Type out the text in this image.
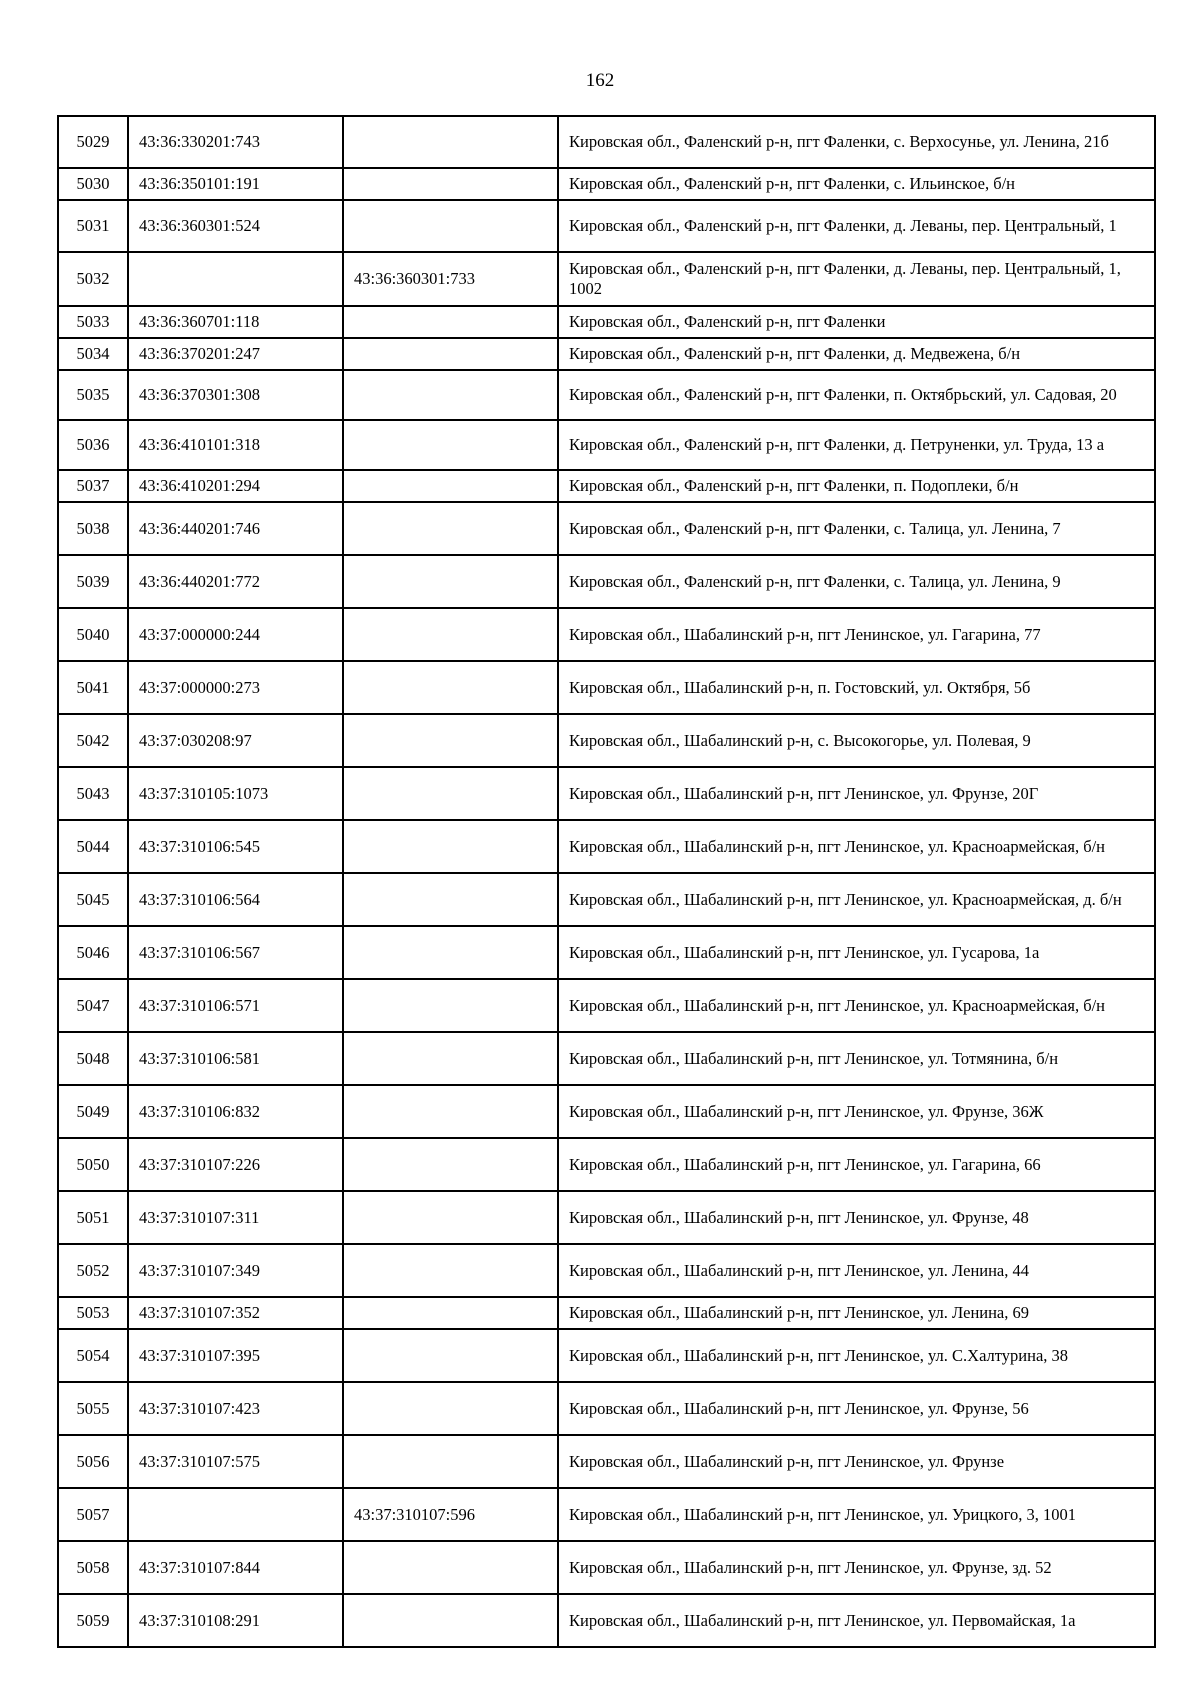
162
5029	43:36:330201:743		Кировская обл., Фаленский р-н, пгт Фаленки, с. Верхосунье, ул. Ленина, 21б
5030	43:36:350101:191		Кировская обл., Фаленский р-н, пгт Фаленки, с. Ильинское, б/н
5031	43:36:360301:524		Кировская обл., Фаленский р-н, пгт Фаленки, д. Леваны, пер. Центральный, 1
5032		43:36:360301:733	Кировская обл., Фаленский р-н, пгт Фаленки, д. Леваны, пер. Центральный, 1, 1002
5033	43:36:360701:118		Кировская обл., Фаленский р-н, пгт Фаленки
5034	43:36:370201:247		Кировская обл., Фаленский р-н, пгт Фаленки, д. Медвежена, б/н
5035	43:36:370301:308		Кировская обл., Фаленский р-н, пгт Фаленки, п. Октябрьский, ул. Садовая, 20
5036	43:36:410101:318		Кировская обл., Фаленский р-н, пгт Фаленки, д. Петруненки, ул. Труда, 13 а
5037	43:36:410201:294		Кировская обл., Фаленский р-н, пгт Фаленки, п. Подоплеки, б/н
5038	43:36:440201:746		Кировская обл., Фаленский р-н, пгт Фаленки, с. Талица, ул. Ленина, 7
5039	43:36:440201:772		Кировская обл., Фаленский р-н, пгт Фаленки, с. Талица, ул. Ленина, 9
5040	43:37:000000:244		Кировская обл., Шабалинский р-н, пгт Ленинское, ул. Гагарина, 77
5041	43:37:000000:273		Кировская обл., Шабалинский р-н, п. Гостовский, ул. Октября, 5б
5042	43:37:030208:97		Кировская обл., Шабалинский р-н, с. Высокогорье, ул. Полевая, 9
5043	43:37:310105:1073		Кировская обл., Шабалинский р-н, пгт Ленинское, ул. Фрунзе, 20Г
5044	43:37:310106:545		Кировская обл., Шабалинский р-н, пгт Ленинское, ул. Красноармейская, б/н
5045	43:37:310106:564		Кировская обл., Шабалинский р-н, пгт Ленинское, ул. Красноармейская, д. б/н
5046	43:37:310106:567		Кировская обл., Шабалинский р-н, пгт Ленинское, ул. Гусарова, 1а
5047	43:37:310106:571		Кировская обл., Шабалинский р-н, пгт Ленинское, ул. Красноармейская, б/н
5048	43:37:310106:581		Кировская обл., Шабалинский р-н, пгт Ленинское, ул. Тотмянина, б/н
5049	43:37:310106:832		Кировская обл., Шабалинский р-н, пгт Ленинское, ул. Фрунзе, 36Ж
5050	43:37:310107:226		Кировская обл., Шабалинский р-н, пгт Ленинское, ул. Гагарина, 66
5051	43:37:310107:311		Кировская обл., Шабалинский р-н, пгт Ленинское, ул. Фрунзе, 48
5052	43:37:310107:349		Кировская обл., Шабалинский р-н, пгт Ленинское, ул. Ленина, 44
5053	43:37:310107:352		Кировская обл., Шабалинский р-н, пгт Ленинское, ул. Ленина, 69
5054	43:37:310107:395		Кировская обл., Шабалинский р-н, пгт Ленинское, ул. С.Халтурина, 38
5055	43:37:310107:423		Кировская обл., Шабалинский р-н, пгт Ленинское, ул. Фрунзе, 56
5056	43:37:310107:575		Кировская обл., Шабалинский р-н, пгт Ленинское, ул. Фрунзе
5057		43:37:310107:596	Кировская обл., Шабалинский р-н, пгт Ленинское, ул. Урицкого, 3, 1001
5058	43:37:310107:844		Кировская обл., Шабалинский р-н, пгт Ленинское, ул. Фрунзе, зд. 52
5059	43:37:310108:291		Кировская обл., Шабалинский р-н, пгт Ленинское, ул. Первомайская, 1а
